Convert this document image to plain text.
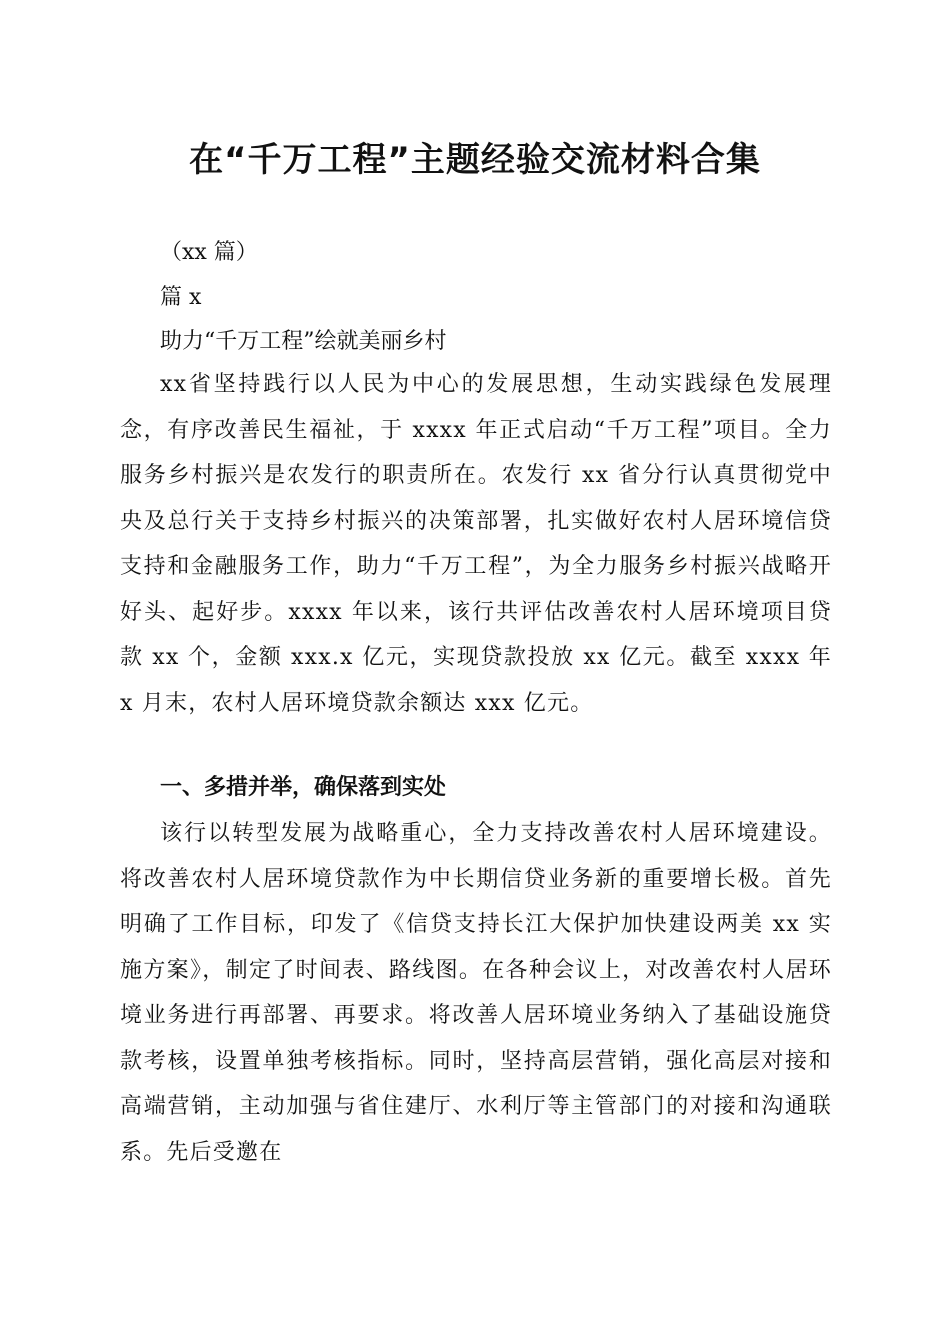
在“千万工程”主题经验交流材料合集

（xx 篇）

篇 x

助力“千万工程”绘就美丽乡村

xx省坚持践行以人民为中心的发展思想，生动实践绿色发展理念，有序改善民生福祉，于 xxxx 年正式启动“千万工程”项目。全力服务乡村振兴是农发行的职责所在。农发行 xx 省分行认真贯彻党中央及总行关于支持乡村振兴的决策部署，扎实做好农村人居环境信贷支持和金融服务工作，助力“千万工程”，为全力服务乡村振兴战略开好头、起好步。xxxx 年以来，该行共评估改善农村人居环境项目贷款 xx 个，金额 xxx.x 亿元，实现贷款投放 xx 亿元。截至 xxxx 年 x 月末，农村人居环境贷款余额达 xxx 亿元。

一、多措并举，确保落到实处

该行以转型发展为战略重心，全力支持改善农村人居环境建设。将改善农村人居环境贷款作为中长期信贷业务新的重要增长极。首先明确了工作目标，印发了《信贷支持长江大保护加快建设两美 xx 实施方案》，制定了时间表、路线图。在各种会议上，对改善农村人居环境业务进行再部署、再要求。将改善人居环境业务纳入了基础设施贷款考核，设置单独考核指标。同时，坚持高层营销，强化高层对接和高端营销，主动加强与省住建厅、水利厅等主管部门的对接和沟通联系。先后受邀在
